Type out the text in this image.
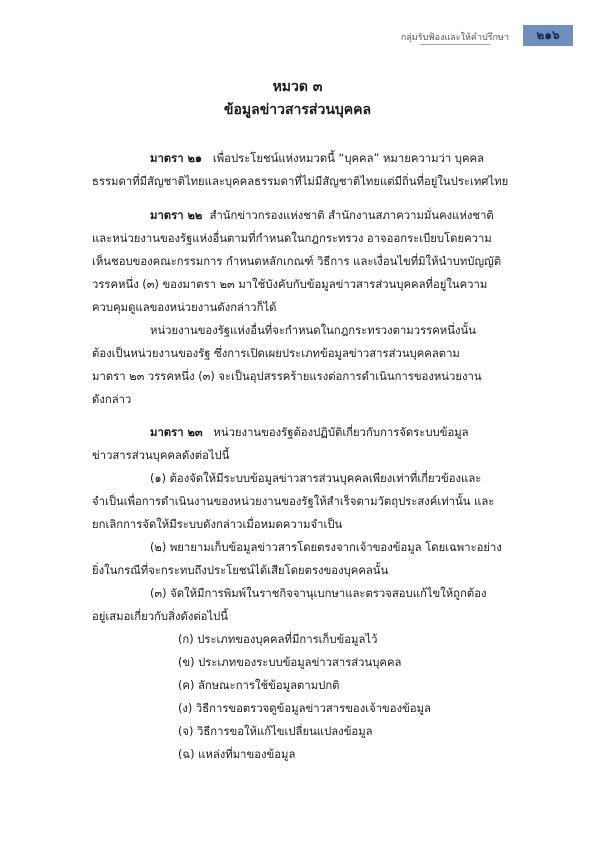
กลุ่มรับฟ้องและให้คำปรึกษา	๒๑๖
หมวด ๓
ข้อมูลข่าวสารส่วนบุคคล
มาตรา ๒๑ เพื่อประโยชน์แห่งหมวดนี้ “บุคคล” หมายความว่า บุคคล
ธรรมดาที่มีสัญชาติไทยและบุคคลธรรมดาที่ไม่มีสัญชาติไทยแต่มีถิ่นที่อยู่ในประเทศไทย
มาตรา ๒๒ สำนักข่าวกรองแห่งชาติ สำนักงานสภาความมั่นคงแห่งชาติ
และหน่วยงานของรัฐแห่งอื่นตามที่กำหนดในกฎกระทรวง อาจออกระเบียบโดยความ
เห็นชอบของคณะกรรมการ กำหนดหลักเกณฑ์ วิธีการ และเงื่อนไขที่มิให้นำบทบัญญัติ
วรรคหนึ่ง (๓) ของมาตรา ๒๓ มาใช้บังคับกับข้อมูลข่าวสารส่วนบุคคลที่อยู่ในความ
ควบคุมดูแลของหน่วยงานดังกล่าวก็ได้
หน่วยงานของรัฐแห่งอื่นที่จะกำหนดในกฎกระทรวงตามวรรคหนึ่งนั้น
ต้องเป็นหน่วยงานของรัฐ ซึ่งการเปิดเผยประเภทข้อมูลข่าวสารส่วนบุคคลตาม
มาตรา ๒๓ วรรคหนึ่ง (๓) จะเป็นอุปสรรคร้ายแรงต่อการดำเนินการของหน่วยงาน
ดังกล่าว
มาตรา ๒๓ หน่วยงานของรัฐต้องปฏิบัติเกี่ยวกับการจัดระบบข้อมูล
ข่าวสารส่วนบุคคลดังต่อไปนี้
(๑) ต้องจัดให้มีระบบข้อมูลข่าวสารส่วนบุคคลเพียงเท่าที่เกี่ยวข้องและ
จำเป็นเพื่อการดำเนินงานของหน่วยงานของรัฐให้สำเร็จตามวัตถุประสงค์เท่านั้น และ
ยกเลิกการจัดให้มีระบบดังกล่าวเมื่อหมดความจำเป็น
(๒) พยายามเก็บข้อมูลข่าวสารโดยตรงจากเจ้าของข้อมูล โดยเฉพาะอย่าง
ยิ่งในกรณีที่จะกระทบถึงประโยชน์ได้เสียโดยตรงของบุคคลนั้น
(๓) จัดให้มีการพิมพ์ในราชกิจจานุเบกษาและตรวจสอบแก้ไขให้ถูกต้อง
อยู่เสมอเกี่ยวกับสิ่งดังต่อไปนี้
(ก) ประเภทของบุคคลที่มีการเก็บข้อมูลไว้
(ข) ประเภทของระบบข้อมูลข่าวสารส่วนบุคคล
(ค) ลักษณะการใช้ข้อมูลตามปกติ
(ง) วิธีการขอตรวจดูข้อมูลข่าวสารของเจ้าของข้อมูล
(จ) วิธีการขอให้แก้ไขเปลี่ยนแปลงข้อมูล
(ฉ) แหล่งที่มาของข้อมูล
